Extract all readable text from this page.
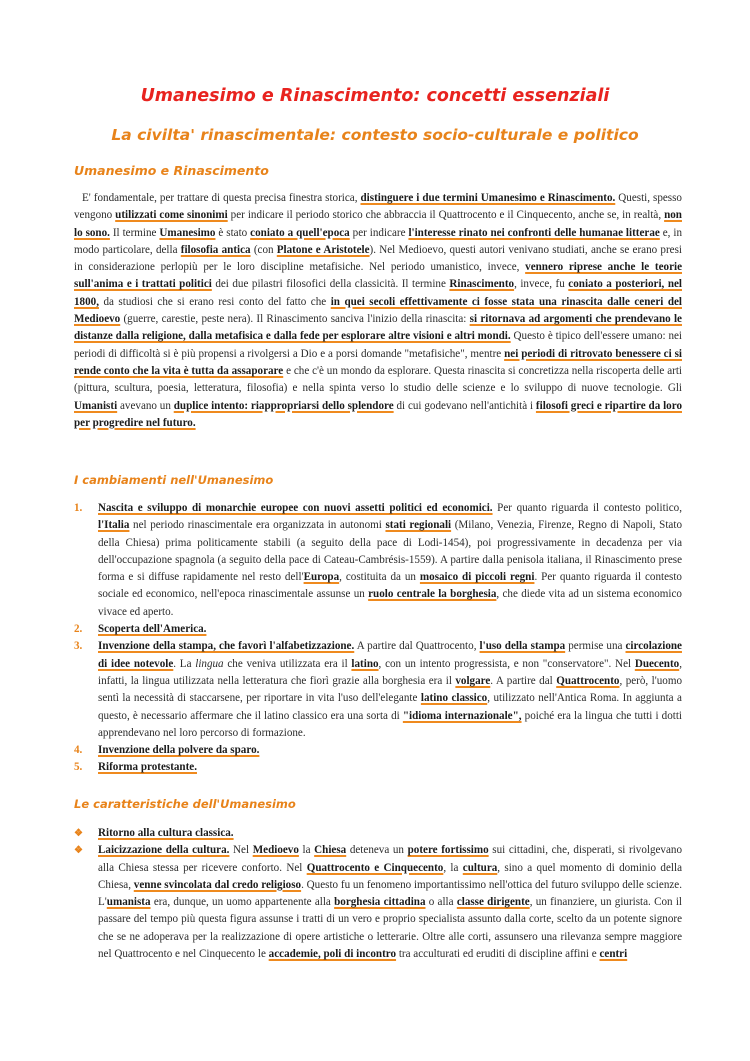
Umanesimo e Rinascimento: concetti essenziali
La civilta' rinascimentale: contesto socio-culturale e politico
Umanesimo e Rinascimento
E' fondamentale, per trattare di questa precisa finestra storica, distinguere i due termini Umanesimo e Rinascimento. Questi, spesso vengono utilizzati come sinonimi per indicare il periodo storico che abbraccia il Quattrocento e il Cinquecento, anche se, in realtà, non lo sono. Il termine Umanesimo è stato coniato a quell'epoca per indicare l'interesse rinato nei confronti delle humanae litterae e, in modo particolare, della filosofia antica (con Platone e Aristotele). Nel Medioevo, questi autori venivano studiati, anche se erano presi in considerazione perlopiù per le loro discipline metafisiche. Nel periodo umanistico, invece, vennero riprese anche le teorie sull'anima e i trattati politici dei due pilastri filosofici della classicità. Il termine Rinascimento, invece, fu coniato a posteriori, nel 1800, da studiosi che si erano resi conto del fatto che in quei secoli effettivamente ci fosse stata una rinascita dalle ceneri del Medioevo (guerre, carestie, peste nera). Il Rinascimento sanciva l'inizio della rinascita: si ritornava ad argomenti che prendevano le distanze dalla religione, dalla metafisica e dalla fede per esplorare altre visioni e altri mondi. Questo è tipico dell'essere umano: nei periodi di difficoltà si è più propensi a rivolgersi a Dio e a porsi domande "metafisiche", mentre nei periodi di ritrovato benessere ci si rende conto che la vita è tutta da assaporare e che c'è un mondo da esplorare. Questa rinascita si concretizza nella riscoperta delle arti (pittura, scultura, poesia, letteratura, filosofia) e nella spinta verso lo studio delle scienze e lo sviluppo di nuove tecnologie. Gli Umanisti avevano un duplice intento: riappropriarsi dello splendore di cui godevano nell'antichità i filosofi greci e ripartire da loro per progredire nel futuro.
I cambiamenti nell'Umanesimo
1. Nascita e sviluppo di monarchie europee con nuovi assetti politici ed economici. Per quanto riguarda il contesto politico, l'Italia nel periodo rinascimentale era organizzata in autonomi stati regionali (Milano, Venezia, Firenze, Regno di Napoli, Stato della Chiesa) prima politicamente stabili (a seguito della pace di Lodi-1454), poi progressivamente in decadenza per via dell'occupazione spagnola (a seguito della pace di Cateau-Cambrésis-1559). A partire dalla penisola italiana, il Rinascimento prese forma e si diffuse rapidamente nel resto dell'Europa, costituita da un mosaico di piccoli regni. Per quanto riguarda il contesto sociale ed economico, nell'epoca rinascimentale assunse un ruolo centrale la borghesia, che diede vita ad un sistema economico vivace ed aperto.
2. Scoperta dell'America.
3. Invenzione della stampa, che favorì l'alfabetizzazione. A partire dal Quattrocento, l'uso della stampa permise una circolazione di idee notevole. La lingua che veniva utilizzata era il latino, con un intento progressista, e non "conservatore". Nel Duecento, infatti, la lingua utilizzata nella letteratura che fiorì grazie alla borghesia era il volgare. A partire dal Quattrocento, però, l'uomo sentì la necessità di staccarsene, per riportare in vita l'uso dell'elegante latino classico, utilizzato nell'Antica Roma. In aggiunta a questo, è necessario affermare che il latino classico era una sorta di "idioma internazionale", poiché era la lingua che tutti i dotti apprendevano nel loro percorso di formazione.
4. Invenzione della polvere da sparo.
5. Riforma protestante.
Le caratteristiche dell'Umanesimo
❖ Ritorno alla cultura classica.
❖ Laicizzazione della cultura. Nel Medioevo la Chiesa deteneva un potere fortissimo sui cittadini, che, disperati, si rivolgevano alla Chiesa stessa per ricevere conforto. Nel Quattrocento e Cinquecento, la cultura, sino a quel momento di dominio della Chiesa, venne svincolata dal credo religioso. Questo fu un fenomeno importantissimo nell'ottica del futuro sviluppo delle scienze. L'umanista era, dunque, un uomo appartenente alla borghesia cittadina o alla classe dirigente, un finanziere, un giurista. Con il passare del tempo più questa figura assunse i tratti di un vero e proprio specialista assunto dalla corte, scelto da un potente signore che se ne adoperava per la realizzazione di opere artistiche o letterarie. Oltre alle corti, assunsero una rilevanza sempre maggiore nel Quattrocento e nel Cinquecento le accademie, poli di incontro tra acculturati ed eruditi di discipline affini e centri
